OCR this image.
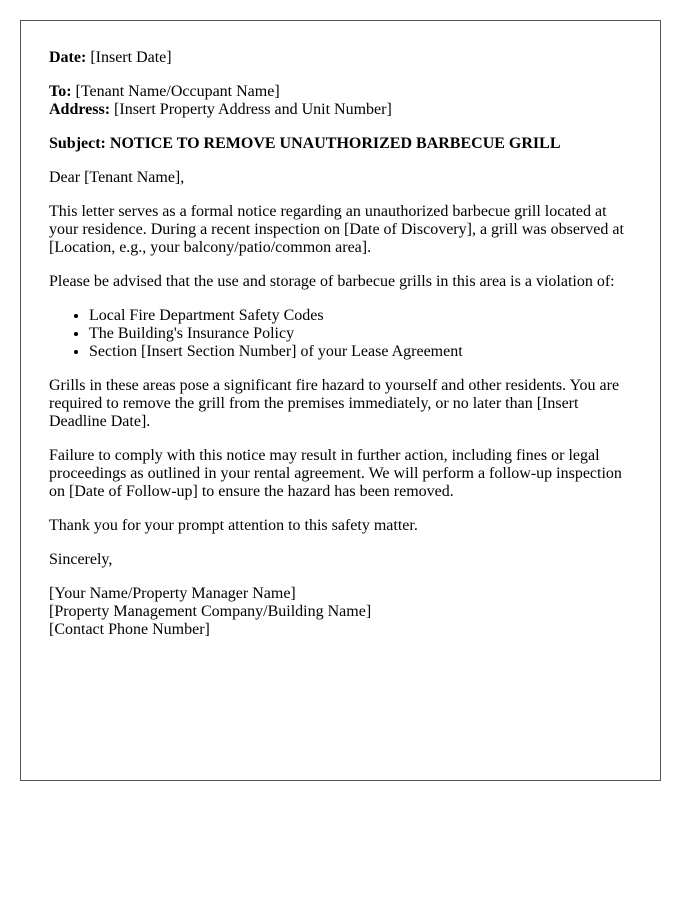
Date: [Insert Date]

To: [Tenant Name/Occupant Name]

Address: [Insert Property Address and Unit Number]

Subject: NOTICE TO REMOVE UNAUTHORIZED BARBECUE GRILL

Dear [Tenant Name],

This letter serves as a formal notice regarding an unauthorized barbecue grill located at your residence. During a recent inspection on [Date of Discovery], a grill was observed at [Location, e.g., your balcony/patio/common area].

Please be advised that the use and storage of barbecue grills in this area is a violation of:

• Local Fire Department Safety Codes
• The Building's Insurance Policy
• Section [Insert Section Number] of your Lease Agreement

Grills in these areas pose a significant fire hazard to yourself and other residents. You are required to remove the grill from the premises immediately, or no later than [Insert Deadline Date].

Failure to comply with this notice may result in further action, including fines or legal proceedings as outlined in your rental agreement. We will perform a follow-up inspection on [Date of Follow-up] to ensure the hazard has been removed.

Thank you for your prompt attention to this safety matter.

Sincerely,

[Your Name/Property Manager Name]

[Property Management Company/Building Name]

[Contact Phone Number]
